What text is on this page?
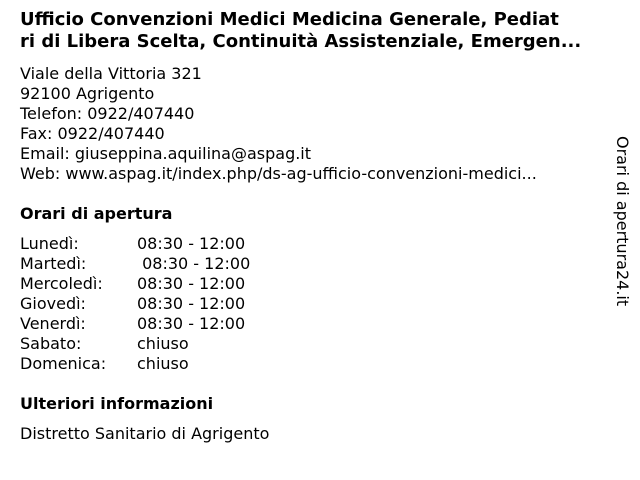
Ufficio Convenzioni Medici Medicina Generale, Pediat
ri di Libera Scelta, Continuità Assistenziale, Emergen...
Viale della Vittoria 321
92100 Agrigento
Telefon: 0922/407440
Fax: 0922/407440
Email: giuseppina.aquilina@aspag.it
Web: www.aspag.it/index.php/ds-ag-ufficio-convenzioni-medici...
Orari di apertura
Lunedì:	08:30 - 12:00
Martedì:	08:30 - 12:00
Mercoledì: 08:30 - 12:00
Giovedì:	08:30 - 12:00
Venerdì:	08:30 - 12:00
Sabato:	chiuso
Domenica: chiuso
Ulteriori informazioni
Distretto Sanitario di Agrigento
Orari di apertura24.it
